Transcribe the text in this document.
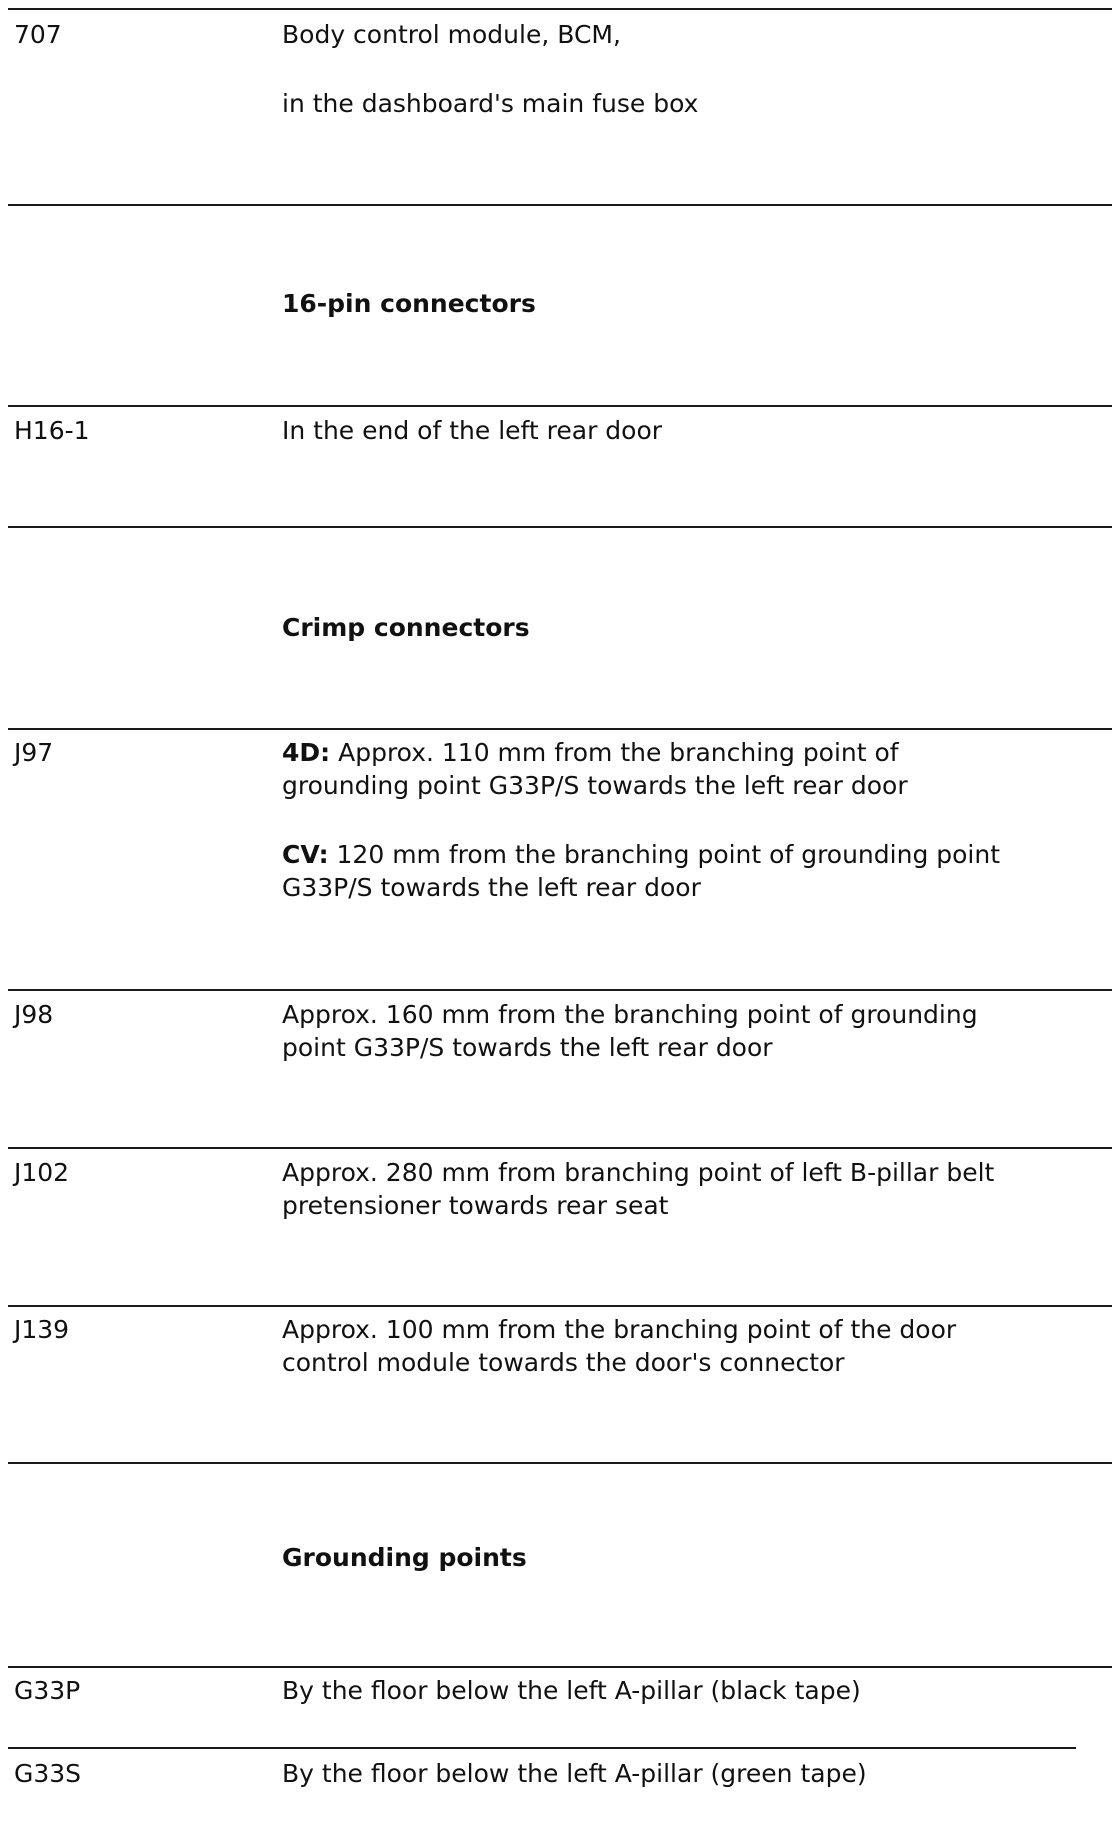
707	Body control module, BCM,
in the dashboard's main fuse box
16-pin connectors
H16-1	In the end of the left rear door
Crimp connectors
J97	4D: Approx. 110 mm from the branching point of
grounding point G33P/S towards the left rear door
CV: 120 mm from the branching point of grounding point
G33P/S towards the left rear door
J98	Approx. 160 mm from the branching point of grounding
point G33P/S towards the left rear door
J102	Approx. 280 mm from branching point of left B-pillar belt
pretensioner towards rear seat
J139	Approx. 100 mm from the branching point of the door
control module towards the door's connector
Grounding points
G33P	By the floor below the left A-pillar (black tape)
G33S	By the floor below the left A-pillar (green tape)
